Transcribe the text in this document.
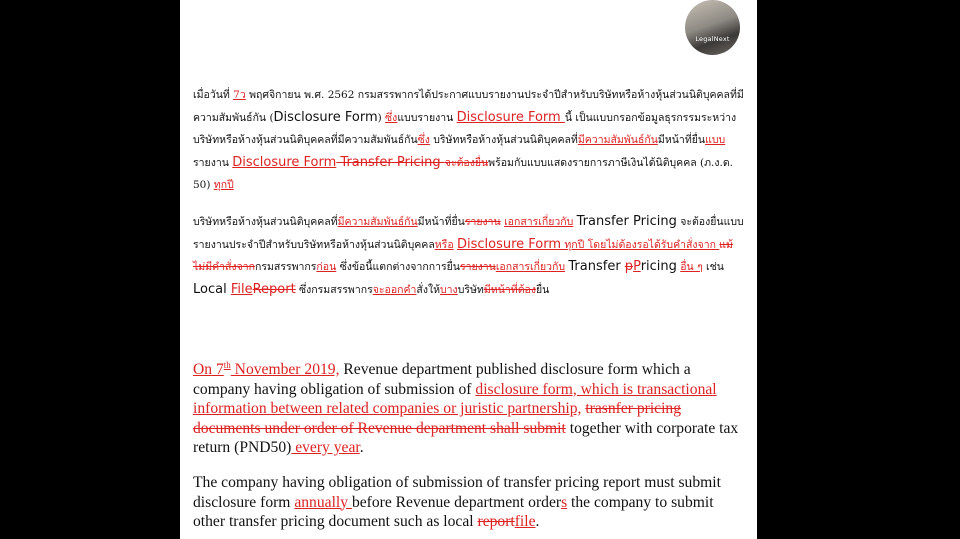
LegalNext
เมื่อวันที่ 7ว พฤศจิกายน พ.ศ. 2562 กรมสรรพากรได้ประกาศแบบรายงานประจำปีสำหรับบริษัทหรือห้างหุ้นส่วนนิติบุคคลที่มีความสัมพันธ์กัน (Disclosure Form) ซึ่งแบบรายงาน Disclosure Form นี้ เป็นแบบกรอกข้อมูลธุรกรรมระหว่างบริษัทหรือห้างหุ้นส่วนนิติบุคคลที่มีความสัมพันธ์กันซึ่ง บริษัทหรือห้างหุ้นส่วนนิติบุคคลที่มีความสัมพันธ์กันมีหน้าที่ยื่นแบบรายงาน Disclosure Form Transfer Pricing จะต้องยื่นพร้อมกับแบบแสดงรายการภาษีเงินได้นิติบุคคล (ภ.ง.ด. 50) ทุกปี
บริษัทหรือห้างหุ้นส่วนนิติบุคคลที่มีความสัมพันธ์กันมีหน้าที่ยื่นรายงาน เอกสารเกี่ยวกับ Transfer Pricing จะต้องยื่นแบบรายงานประจำปีสำหรับบริษัทหรือห้างหุ้นส่วนนิติบุคคลหรือ Disclosure Form ทุกปี โดยไม่ต้องรอได้รับคำสั่งจาก แม้ไม่มีคำสั่งจากกรมสรรพากรก่อน ซึ่งข้อนี้แตกต่างจากการยื่นรายงานเอกสารเกี่ยวกับ Transfer pPricing อื่น ๆ เช่น Local FileReport ซึ่งกรมสรรพากรจะออกคำสั่งให้บางบริษัทมีหน้าที่ต้องยื่น
On 7th November 2019, Revenue department published disclosure form which a company having obligation of submission of disclosure form, which is transactional information between related companies or juristic partnership, trasnfer pricing documents under order of Revenue department shall submit together with corporate tax return (PND50) every year.
The company having obligation of submission of transfer pricing report must submit disclosure form annually before Revenue department orders the company to submit other transfer pricing document such as local reportfile.
